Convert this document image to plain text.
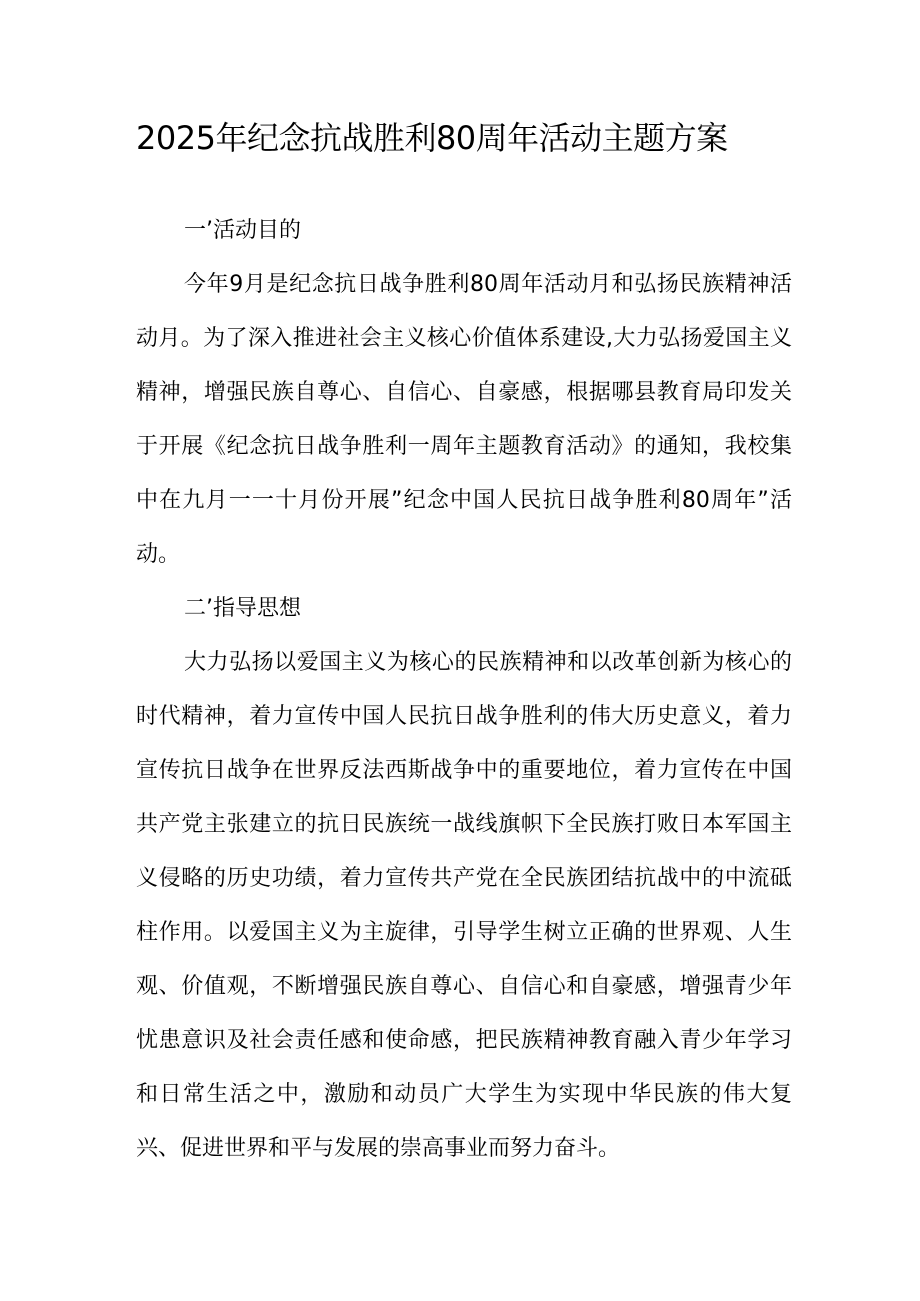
2025年纪念抗战胜利80周年活动主题方案
一’活动目的

今年9月是纪念抗日战争胜利80周年活动月和弘扬民族精神活动月。为了深入推进社会主义核心价值体系建设,大力弘扬爱国主义精神，增强民族自尊心、自信心、自豪感，根据哪县教育局印发关于开展《纪念抗日战争胜利一周年主题教育活动》的通知，我校集中在九月一一十月份开展”纪念中国人民抗日战争胜利80周年”活动。

二’指导思想

大力弘扬以爱国主义为核心的民族精神和以改革创新为核心的时代精神，着力宣传中国人民抗日战争胜利的伟大历史意义，着力宣传抗日战争在世界反法西斯战争中的重要地位，着力宣传在中国共产党主张建立的抗日民族统一战线旗帜下全民族打败日本军国主义侵略的历史功绩，着力宣传共产党在全民族团结抗战中的中流砥柱作用。以爱国主义为主旋律，引导学生树立正确的世界观、人生观、价值观，不断增强民族自尊心、自信心和自豪感，增强青少年忧患意识及社会责任感和使命感，把民族精神教育融入青少年学习和日常生活之中，激励和动员广大学生为实现中华民族的伟大复兴、促进世界和平与发展的崇高事业而努力奋斗。
